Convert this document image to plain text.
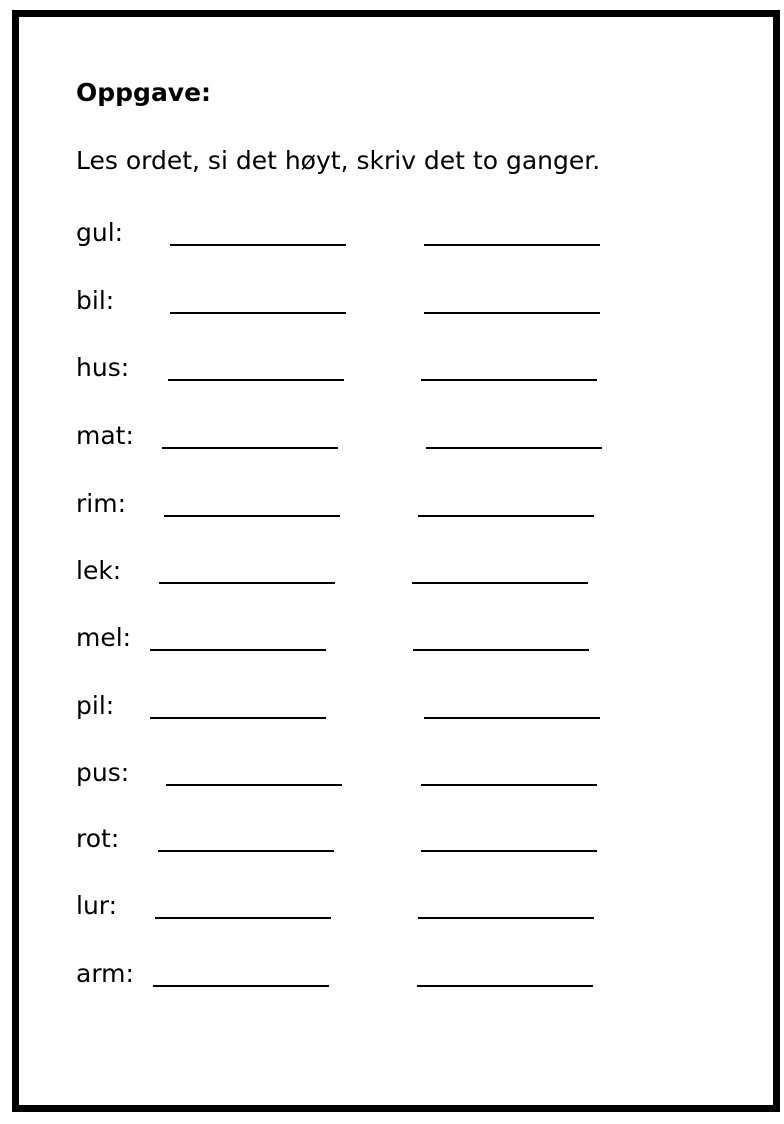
Oppgave:

Les ordet, si det høyt, skriv det to ganger.

gul:
bil:
hus:
mat:
rim:
lek:
mel:
pil:
pus:
rot:
lur:
arm:
